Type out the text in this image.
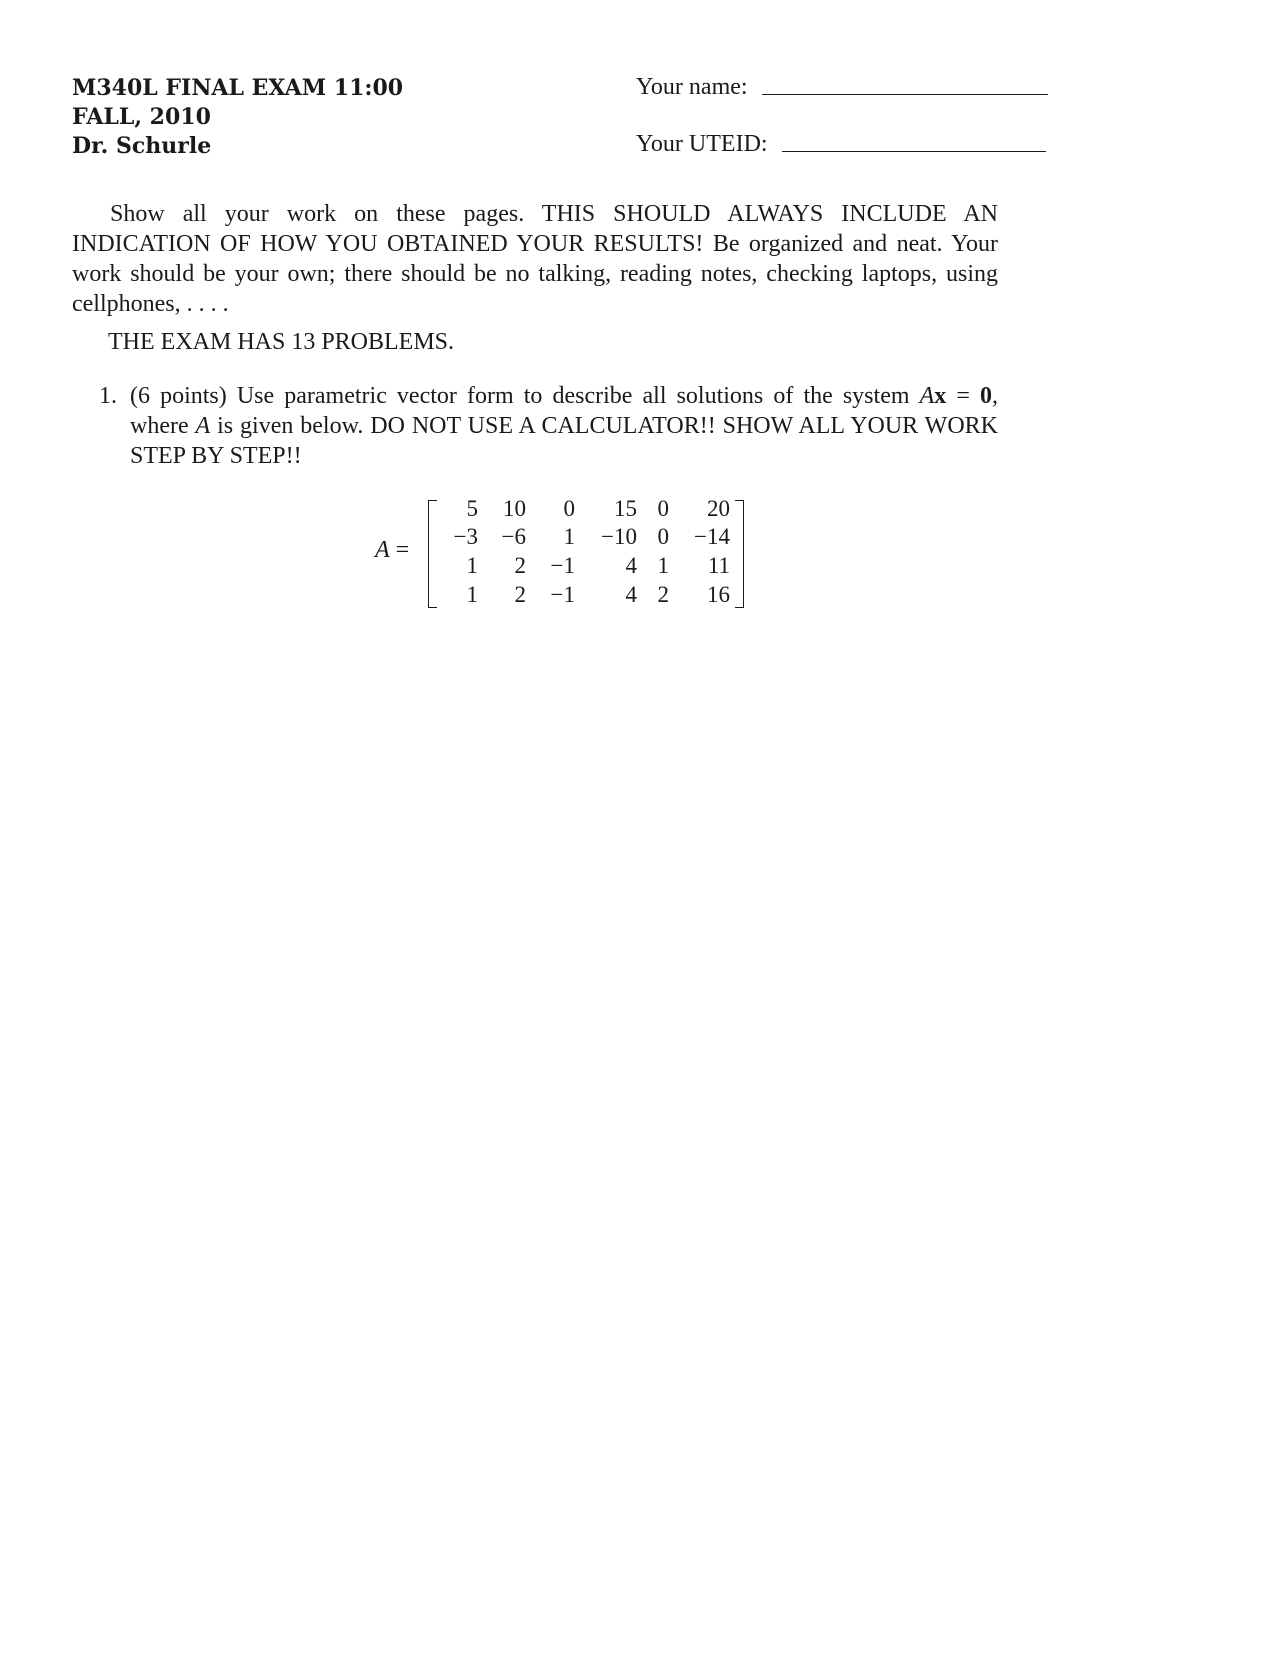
M340L FINAL EXAM 11:00
FALL, 2010
Dr. Schurle
Your name:
Your UTEID:
Show all your work on these pages. THIS SHOULD ALWAYS INCLUDE AN INDICATION OF HOW YOU OBTAINED YOUR RESULTS! Be organized and neat. Your work should be your own; there should be no talking, reading notes, checking laptops, using cellphones, . . . .
THE EXAM HAS 13 PROBLEMS.
1. (6 points) Use parametric vector form to describe all solutions of the system Ax = 0, where A is given below. DO NOT USE A CALCULATOR!! SHOW ALL YOUR WORK STEP BY STEP!!
A =
5 10 0 15 0 20
−3 −6 1 −10 0 −14
1 2 −1 4 1 11
1 2 −1 4 2 16
